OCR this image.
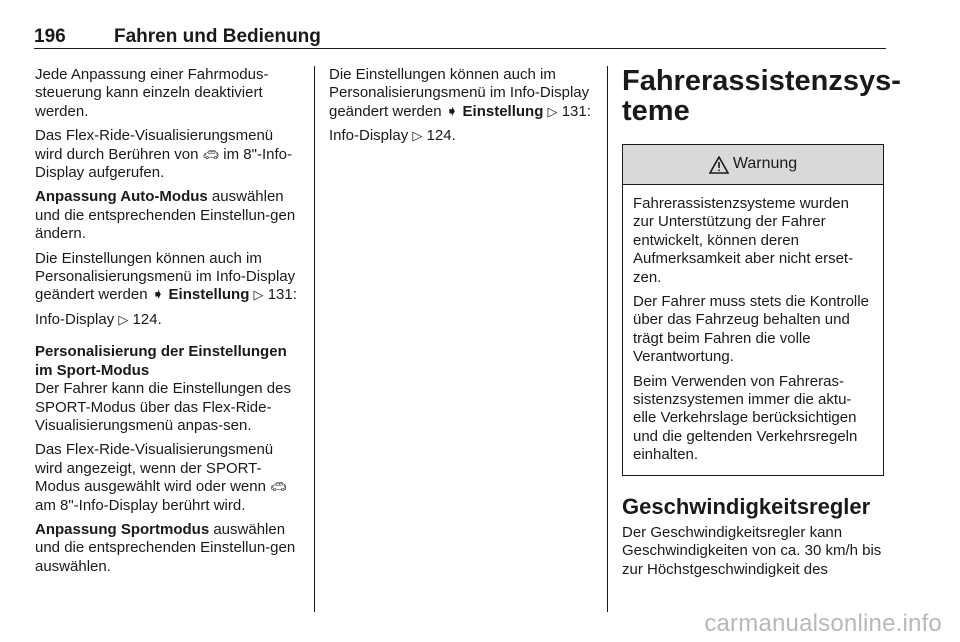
196	Fahren und Bedienung

Jede Anpassung einer Fahrmodus-steuerung kann einzeln deaktiviert werden.

Das Flex-Ride-Visualisierungsmenü wird durch Berühren von 🚗︎ im 8"-Info-Display aufgerufen.

Anpassung Auto-Modus auswählen und die entsprechenden Einstellun-gen ändern.

Die Einstellungen können auch im Personalisierungsmenü im Info-Display geändert werden ➧ Einstellung ▷ 131:

Info-Display ▷ 124.

Personalisierung der Einstellungen im Sport-Modus

Der Fahrer kann die Einstellungen des SPORT-Modus über das Flex-Ride-Visualisierungsmenü anpas-sen.

Das Flex-Ride-Visualisierungsmenü wird angezeigt, wenn der SPORT-Modus ausgewählt wird oder wenn 🚗︎ am 8"-Info-Display berührt wird.

Anpassung Sportmodus auswählen und die entsprechenden Einstellun-gen auswählen.

Die Einstellungen können auch im Personalisierungsmenü im Info-Display geändert werden ➧ Einstellung ▷ 131:

Info-Display ▷ 124.

Fahrerassistenzsys-
teme
Warnung

Fahrerassistenzsysteme wurden zur Unterstützung der Fahrer entwickelt, können deren Aufmerksamkeit aber nicht erset-zen.

Der Fahrer muss stets die Kontrolle über das Fahrzeug behalten und trägt beim Fahren die volle Verantwortung.

Beim Verwenden von Fahreras-sistenzsystemen immer die aktu-elle Verkehrslage berücksichtigen und die geltenden Verkehrsregeln einhalten.

Geschwindigkeitsregler

Der Geschwindigkeitsregler kann Geschwindigkeiten von ca. 30 km/h bis zur Höchstgeschwindigkeit des

carmanualsonline.info
